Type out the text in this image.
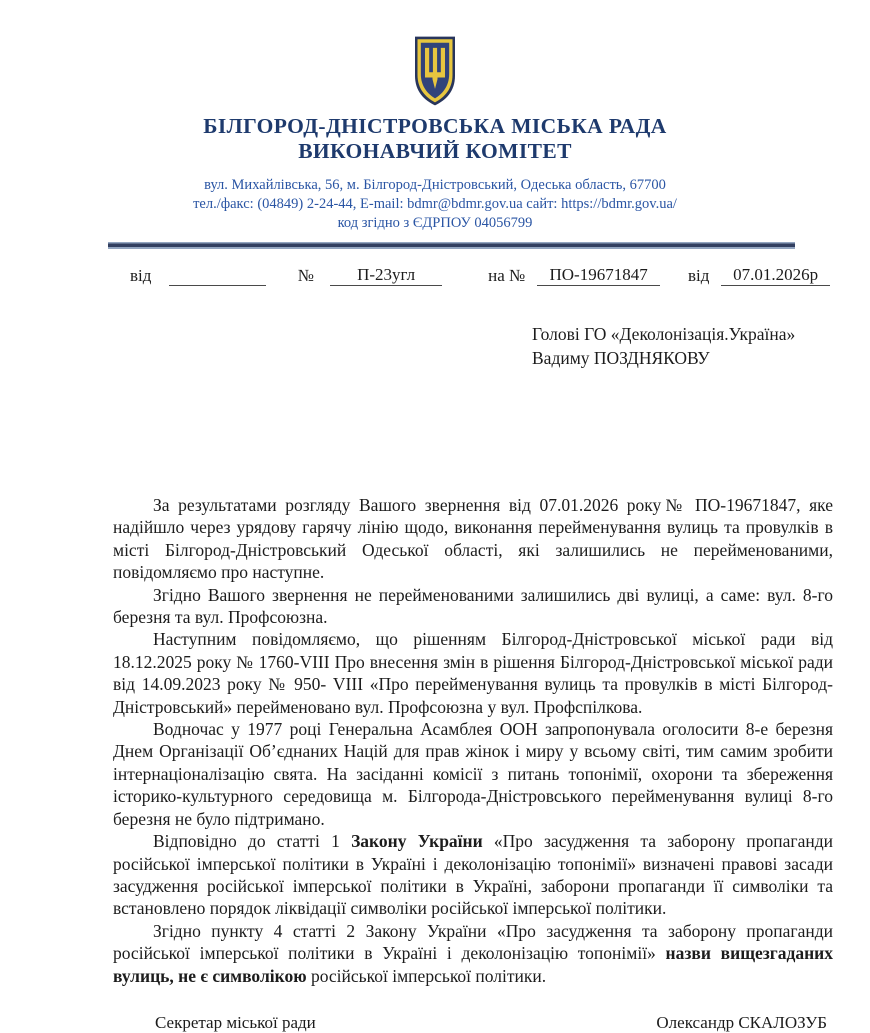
БІЛГОРОД-ДНІСТРОВСЬКА МІСЬКА РАДА
ВИКОНАВЧИЙ КОМІТЕТ
вул. Михайлівська, 56, м. Білгород-Дністровський, Одеська область, 67700
тел./факс: (04849) 2-24-44, E-mail: bdmr@bdmr.gov.ua сайт: https://bdmr.gov.ua/
код згідно з ЄДРПОУ 04056799
від	№	П-23угл	на №	ПО-19671847	від	07.01.2026р
Голові ГО «Деколонізація.Україна»
Вадиму ПОЗДНЯКОВУ

За результатами розгляду Вашого звернення від 07.01.2026 року№ ПО-19671847, яке надійшло через урядову гарячу лінію щодо, виконання перейменування вулиць та провулків в місті Білгород-Дністровський Одеської області, які залишились не перейменованими, повідомляємо про наступне.

Згідно Вашого звернення не перейменованими залишились дві вулиці, а саме: вул. 8-го березня та вул. Профсоюзна.

Наступним повідомляємо, що рішенням Білгород-Дністровської міської ради від 18.12.2025 року № 1760-VIII Про внесення змін в рішення Білгород-Дністровської міської ради від 14.09.2023 року № 950- VIII «Про перейменування вулиць та провулків в місті Білгород-Дністровський» перейменовано вул. Профсоюзна у вул. Профспілкова.

Водночас у 1977 році Генеральна Асамблея ООН запропонувала оголосити 8-е березня Днем Організації Об’єднаних Націй для прав жінок і миру у всьому світі, тим самим зробити інтернаціоналізацію свята. На засіданні комісії з питань топонімії, охорони та збереження історико-культурного середовища м. Білгорода-Дністровського перейменування вулиці 8-го березня не було підтримано.

Відповідно до статті 1 Закону України «Про засудження та заборону пропаганди російської імперської політики в Україні і деколонізацію топонімії» визначені правові засади засудження російської імперської політики в Україні, заборони пропаганди її символіки та встановлено порядок ліквідації символіки російської імперської політики.

Згідно пункту 4 статті 2 Закону України «Про засудження та заборону пропаганди російської імперської політики в Україні і деколонізацію топонімії» назви вищезгаданих вулиць, не є символікою російської імперської політики.

Секретар міської ради	Олександр СКАЛОЗУБ
